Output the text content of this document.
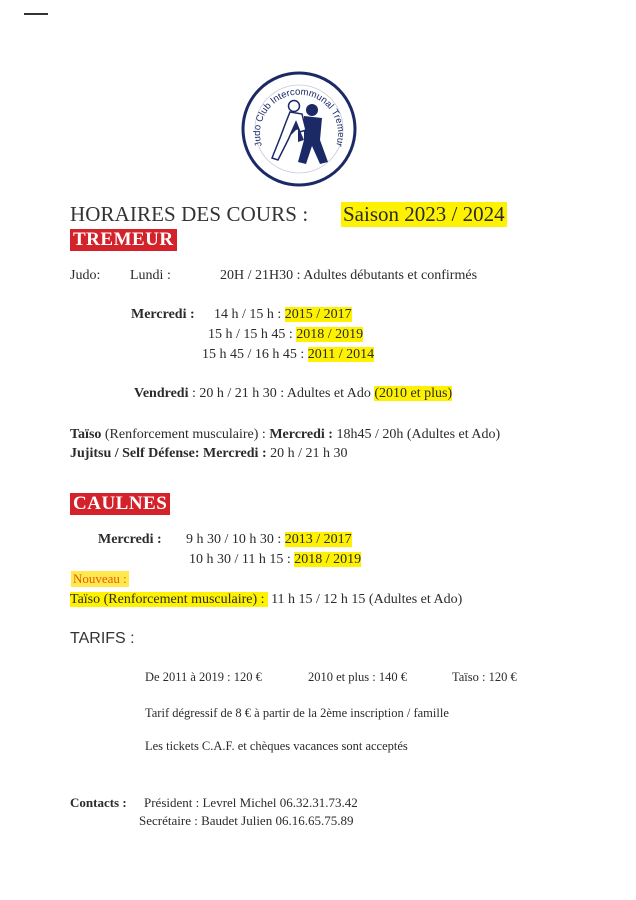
Judo Club Intercommunal Tremeur
HORAIRES DES COURS : Saison 2023 / 2024
TREMEUR
Judo: Lundi :	20H / 21H30 : Adultes débutants et confirmés
Mercredi : 14 h / 15 h : 2015 / 2017
15 h / 15 h 45 : 2018 / 2019
15 h 45 / 16 h 45 : 2011 / 2014
Vendredi : 20 h / 21 h 30 : Adultes et Ado (2010 et plus)
Taïso (Renforcement musculaire) : Mercredi : 18h45 / 20h (Adultes et Ado)
Jujitsu / Self Défense: Mercredi : 20 h / 21 h 30
CAULNES
Mercredi : 9 h 30 / 10 h 30 : 2013 / 2017
10 h 30 / 11 h 15 : 2018 / 2019
Nouveau :
Taïso (Renforcement musculaire) : 11 h 15 / 12 h 15 (Adultes et Ado)
TARIFS :
De 2011 à 2019 : 120 €	2010 et plus : 140 €	Taïso : 120 €
Tarif dégressif de 8 € à partir de la 2ème inscription / famille
Les tickets C.A.F. et chèques vacances sont acceptés
Contacts : Président : Levrel Michel 06.32.31.73.42
Secrétaire : Baudet Julien 06.16.65.75.89
